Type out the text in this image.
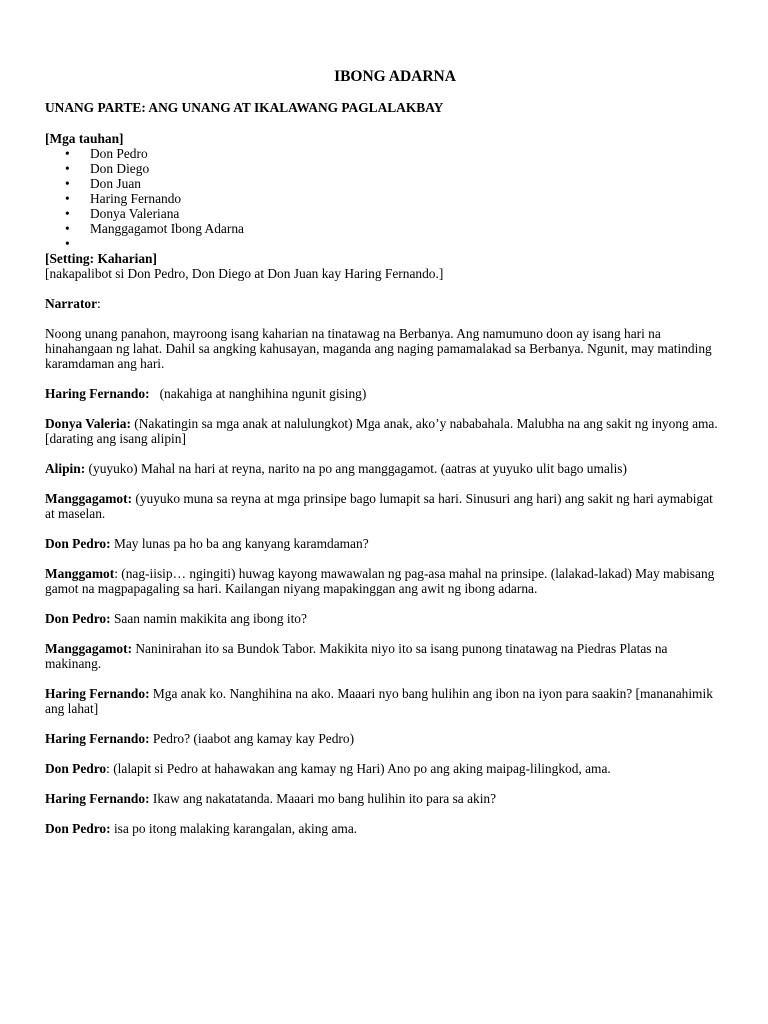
IBONG ADARNA
UNANG PARTE: ANG UNANG AT IKALAWANG PAGLALAKBAY
[Mga tauhan]
• Don Pedro
• Don Diego
• Don Juan
• Haring Fernando
• Donya Valeriana
• Manggagamot Ibong Adarna
•
[Setting: Kaharian]
[nakapalibot si Don Pedro, Don Diego at Don Juan kay Haring Fernando.]
Narrator:
Noong unang panahon, mayroong isang kaharian na tinatawag na Berbanya. Ang namumuno doon ay isang hari na hinahangaan ng lahat. Dahil sa angking kahusayan, maganda ang naging pamamalakad sa Berbanya. Ngunit, may matinding karamdaman ang hari.
Haring Fernando:   (nakahiga at nanghihina ngunit gising)
Donya Valeria: (Nakatingin sa mga anak at nalulungkot) Mga anak, ako’y nababahala. Malubha na ang sakit ng inyong ama.   [darating ang isang alipin]
Alipin: (yuyuko) Mahal na hari at reyna, narito na po ang manggagamot. (aatras at yuyuko ulit bago umalis)
Manggagamot: (yuyuko muna sa reyna at mga prinsipe bago lumapit sa hari. Sinusuri ang hari) ang sakit ng hari aymabigat at maselan.
Don Pedro: May lunas pa ho ba ang kanyang karamdaman?
Manggamot: (nag-iisip… ngingiti) huwag kayong mawawalan ng pag-asa mahal na prinsipe. (lalakad-lakad) May mabisang gamot na magpapagaling sa hari. Kailangan niyang mapakinggan ang awit ng ibong adarna.
Don Pedro: Saan namin makikita ang ibong ito?
Manggagamot: Naninirahan ito sa Bundok Tabor. Makikita niyo ito sa isang punong tinatawag na Piedras Platas na makinang.
Haring Fernando: Mga anak ko. Nanghihina na ako. Maaari nyo bang hulihin ang ibon na iyon para saakin? [mananahimik ang lahat]
Haring Fernando: Pedro? (iaabot ang kamay kay Pedro)
Don Pedro: (lalapit si Pedro at hahawakan ang kamay ng Hari) Ano po ang aking maipag-lilingkod, ama.
Haring Fernando: Ikaw ang nakatatanda. Maaari mo bang hulihin ito para sa akin?
Don Pedro: isa po itong malaking karangalan, aking ama.
